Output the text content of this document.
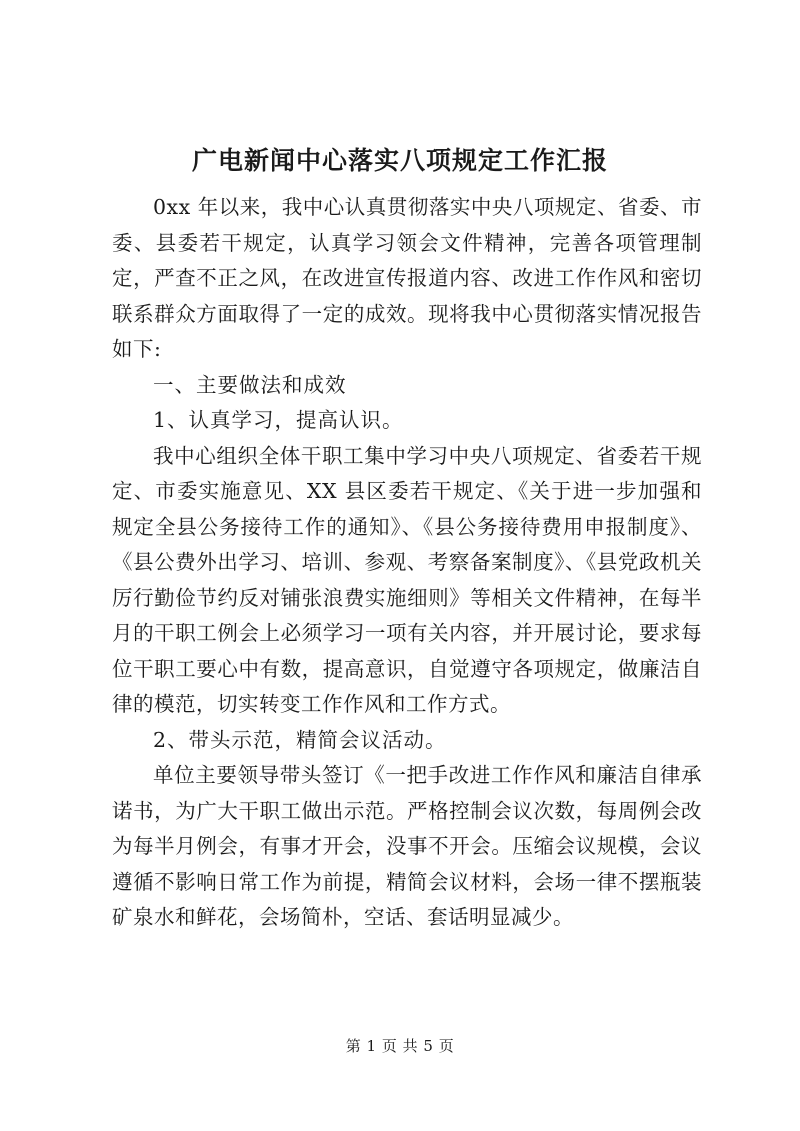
广电新闻中心落实八项规定工作汇报

0xx 年以来，我中心认真贯彻落实中央八项规定、省委、市委、县委若干规定，认真学习领会文件精神，完善各项管理制定，严查不正之风，在改进宣传报道内容、改进工作作风和密切联系群众方面取得了一定的成效。现将我中心贯彻落实情况报告如下:

一、主要做法和成效

1、认真学习，提高认识。

我中心组织全体干职工集中学习中央八项规定、省委若干规定、市委实施意见、XX 县区委若干规定、《关于进一步加强和规定全县公务接待工作的通知》、《县公务接待费用申报制度》、《县公费外出学习、培训、参观、考察备案制度》、《县党政机关厉行勤俭节约反对铺张浪费实施细则》等相关文件精神，在每半月的干职工例会上必须学习一项有关内容，并开展讨论，要求每位干职工要心中有数，提高意识，自觉遵守各项规定，做廉洁自律的模范，切实转变工作作风和工作方式。

2、带头示范，精简会议活动。

单位主要领导带头签订《一把手改进工作作风和廉洁自律承诺书，为广大干职工做出示范。严格控制会议次数，每周例会改为每半月例会，有事才开会，没事不开会。压缩会议规模，会议遵循不影响日常工作为前提，精简会议材料，会场一律不摆瓶装矿泉水和鲜花，会场简朴，空话、套话明显减少。

第 1 页 共 5 页
